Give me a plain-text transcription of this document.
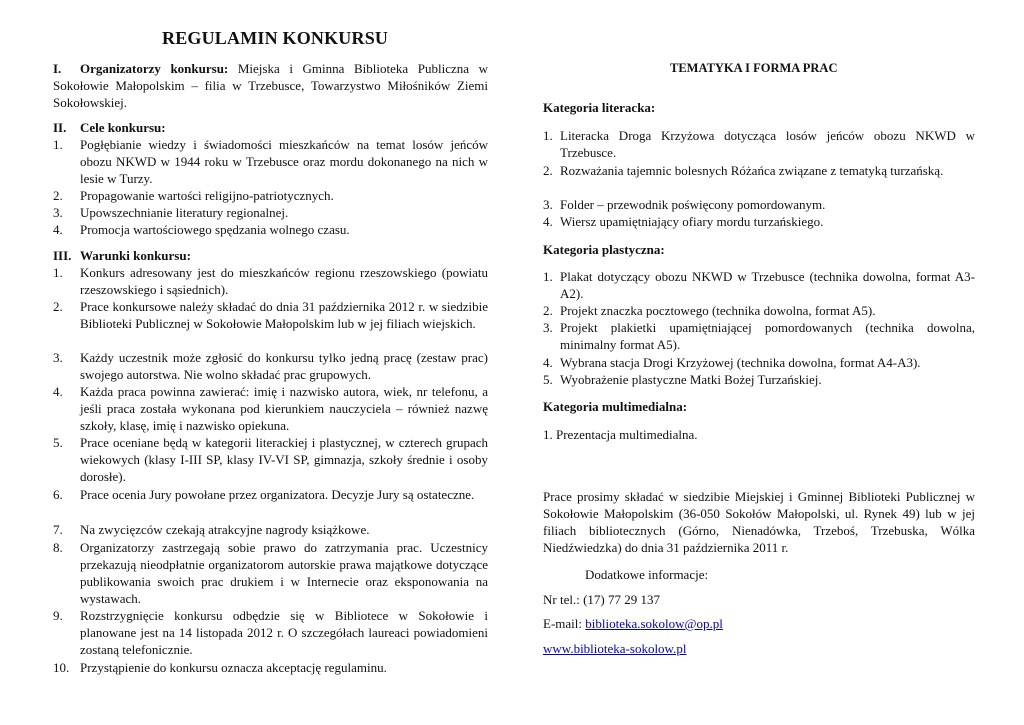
REGULAMIN KONKURSU
I. Organizatorzy konkursu: Miejska i Gminna Biblioteka Publiczna w Sokołowie Małopolskim – filia w Trzebusce, Towarzystwo Miłośników Ziemi Sokołowskiej.
II. Cele konkursu:
1. Pogłębianie wiedzy i świadomości mieszkańców na temat losów jeńców obozu NKWD w 1944 roku w Trzebusce oraz mordu dokonanego na nich w lesie w Turzy.
2. Propagowanie wartości religijno-patriotycznych.
3. Upowszechnianie literatury regionalnej.
4. Promocja wartościowego spędzania wolnego czasu.
III. Warunki konkursu:
1. Konkurs adresowany jest do mieszkańców regionu rzeszowskiego (powiatu rzeszowskiego i sąsiednich).
2. Prace konkursowe należy składać do dnia 31 października 2012 r. w siedzibie Biblioteki Publicznej w Sokołowie Małopolskim lub w jej filiach wiejskich.
3. Każdy uczestnik może zgłosić do konkursu tylko jedną pracę (zestaw prac) swojego autorstwa. Nie wolno składać prac grupowych.
4. Każda praca powinna zawierać: imię i nazwisko autora, wiek, nr telefonu, a jeśli praca została wykonana pod kierunkiem nauczyciela – również nazwę szkoły, klasę, imię i nazwisko opiekuna.
5. Prace oceniane będą w kategorii literackiej i plastycznej, w czterech grupach wiekowych (klasy I-III SP, klasy IV-VI SP, gimnazja, szkoły średnie i osoby dorosłe).
6. Prace ocenia Jury powołane przez organizatora. Decyzje Jury są ostateczne.
7. Na zwycięzców czekają atrakcyjne nagrody książkowe.
8. Organizatorzy zastrzegają sobie prawo do zatrzymania prac. Uczestnicy przekazują nieodpłatnie organizatorom autorskie prawa majątkowe dotyczące publikowania swoich prac drukiem i w Internecie oraz eksponowania na wystawach.
9. Rozstrzygnięcie konkursu odbędzie się w Bibliotece w Sokołowie i planowane jest na 14 listopada 2012 r. O szczegółach laureaci powiadomieni zostaną telefonicznie.
10. Przystąpienie do konkursu oznacza akceptację regulaminu.
TEMATYKA I FORMA PRAC
Kategoria literacka:
1. Literacka Droga Krzyżowa dotycząca losów jeńców obozu NKWD w Trzebusce.
2. Rozważania tajemnic bolesnych Różańca związane z tematyką turzańską.
3. Folder – przewodnik poświęcony pomordowanym.
4. Wiersz upamiętniający ofiary mordu turzańskiego.
Kategoria plastyczna:
1. Plakat dotyczący obozu NKWD w Trzebusce (technika dowolna, format A3-A2).
2. Projekt znaczka pocztowego (technika dowolna, format A5).
3. Projekt plakietki upamiętniającej pomordowanych (technika dowolna, minimalny format A5).
4. Wybrana stacja Drogi Krzyżowej (technika dowolna, format A4-A3).
5. Wyobrażenie plastyczne Matki Bożej Turzańskiej.
Kategoria multimedialna:
1. Prezentacja multimedialna.
Prace prosimy składać w siedzibie Miejskiej i Gminnej Biblioteki Publicznej w Sokołowie Małopolskim (36-050 Sokołów Małopolski, ul. Rynek 49) lub w jej filiach bibliotecznych (Górno, Nienadówka, Trzeboś, Trzebuska, Wólka Niedźwiedzka) do dnia 31 października 2011 r.
Dodatkowe informacje:
Nr tel.: (17) 77 29 137
E-mail: biblioteka.sokolow@op.pl
www.biblioteka-sokolow.pl
